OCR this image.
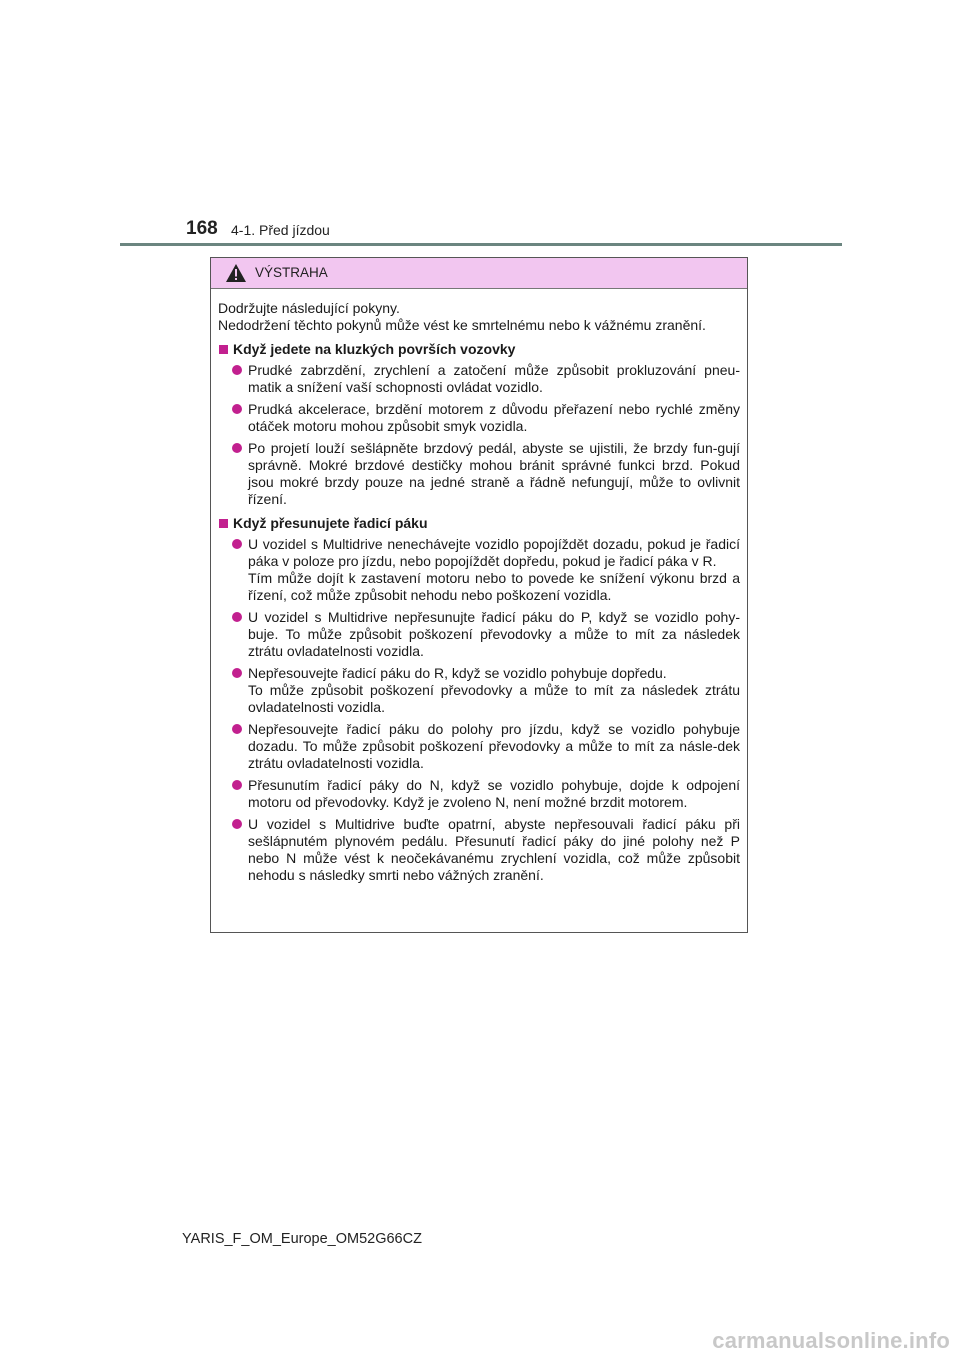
168 4-1. Před jízdou
VÝSTRAHA

Dodržujte následující pokyny.

Nedodržení těchto pokynů může vést ke smrtelnému nebo k vážnému zranění.

Když jedete na kluzkých površích vozovky

Prudké zabrzdění, zrychlení a zatočení může způsobit prokluzování pneu-matik a snížení vaší schopnosti ovládat vozidlo.

Prudká akcelerace, brzdění motorem z důvodu přeřazení nebo rychlé změny otáček motoru mohou způsobit smyk vozidla.

Po projetí louží sešlápněte brzdový pedál, abyste se ujistili, že brzdy fun-gují správně. Mokré brzdové destičky mohou bránit správné funkci brzd. Pokud jsou mokré brzdy pouze na jedné straně a řádně nefungují, může to ovlivnit řízení.

Když přesunujete řadicí páku

U vozidel s Multidrive nenechávejte vozidlo popojíždět dozadu, pokud je řadicí páka v poloze pro jízdu, nebo popojíždět dopředu, pokud je řadicí páka v R.

Tím může dojít k zastavení motoru nebo to povede ke snížení výkonu brzd a řízení, což může způsobit nehodu nebo poškození vozidla.

U vozidel s Multidrive nepřesunujte řadicí páku do P, když se vozidlo pohy-buje. To může způsobit poškození převodovky a může to mít za následek ztrátu ovladatelnosti vozidla.

Nepřesouvejte řadicí páku do R, když se vozidlo pohybuje dopředu.

To může způsobit poškození převodovky a může to mít za následek ztrátu ovladatelnosti vozidla.

Nepřesouvejte řadicí páku do polohy pro jízdu, když se vozidlo pohybuje dozadu. To může způsobit poškození převodovky a může to mít za násle-dek ztrátu ovladatelnosti vozidla.

Přesunutím řadicí páky do N, když se vozidlo pohybuje, dojde k odpojení motoru od převodovky. Když je zvoleno N, není možné brzdit motorem.

U vozidel s Multidrive buďte opatrní, abyste nepřesouvali řadicí páku při sešlápnutém plynovém pedálu. Přesunutí řadicí páky do jiné polohy než P nebo N může vést k neočekávanému zrychlení vozidla, což může způsobit nehodu s následky smrti nebo vážných zranění.

YARIS_F_OM_Europe_OM52G66CZ
carmanualsonline.info
